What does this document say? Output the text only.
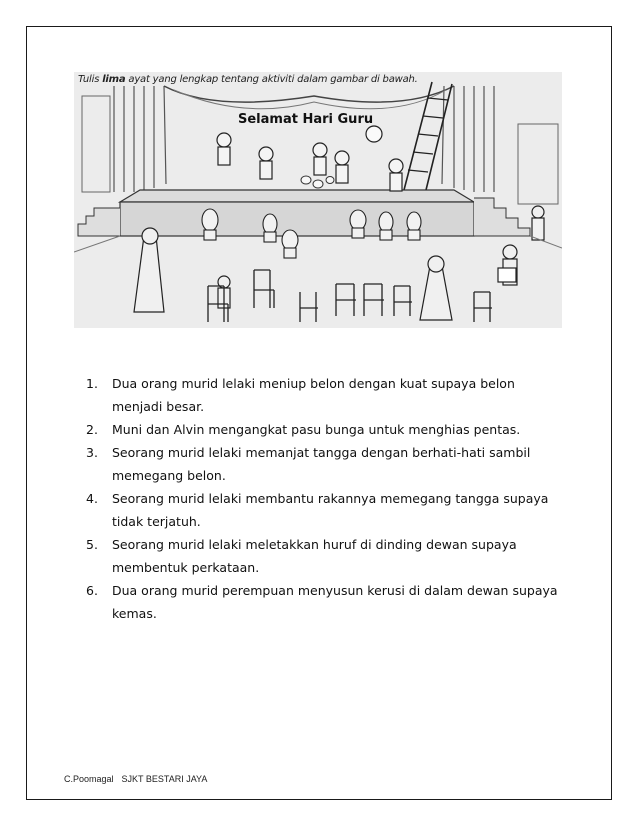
Tulis lima ayat yang lengkap tentang aktiviti dalam gambar di bawah.
Selamat Hari Guru
1.	Dua orang murid lelaki meniup belon dengan kuat supaya belon menjadi besar.
2.	Muni dan Alvin mengangkat pasu bunga untuk menghias pentas.
3.	Seorang murid lelaki memanjat tangga dengan berhati-hati sambil memegang belon.
4.	Seorang murid lelaki membantu rakannya memegang tangga supaya tidak terjatuh.
5.	Seorang murid lelaki meletakkan huruf di dinding dewan supaya membentuk perkataan.
6.	Dua orang murid perempuan menyusun kerusi di dalam dewan supaya kemas.
C.Poomagal SJKT BESTARI JAYA
